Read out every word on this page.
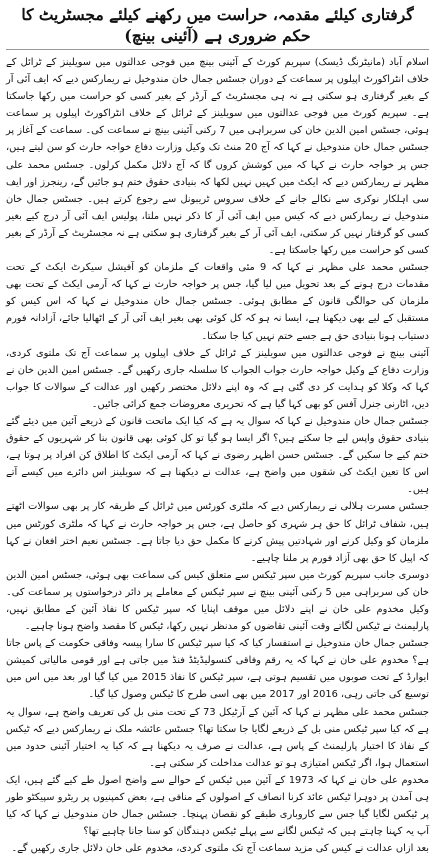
گرفتاری کیلئے مقدمہ، حراست میں رکھنے کیلئے مجسٹریٹ کا حکم ضروری ہے (آئینی بینچ)

اسلام آباد (مانیٹرنگ ڈیسک) سپریم کورٹ کے آئینی بینچ میں فوجی عدالتوں میں سویلینز کے ٹرائل کے خلاف انٹراکورٹ اپیلوں پر سماعت کے دوران جسٹس جمال خان مندوخیل نے ریمارکس دیے کہ ایف آئی آر کے بغیر گرفتاری ہو سکتی ہے نہ ہی مجسٹریٹ کے آرڈر کے بغیر کسی کو حراست میں رکھا جاسکتا ہے۔ سپریم کورٹ میں فوجی عدالتوں میں سویلینز کے ٹرائل کے خلاف انٹراکورٹ اپیلوں پر سماعت ہوئی، جسٹس امین الدین خان کی سربراہی میں 7 رکنی آئینی بینچ نے سماعت کی۔ سماعت کے آغاز پر جسٹس جمال خان مندوخیل نے کہا کہ آج 20 منٹ تک وکیل وزارت دفاع خواجہ حارث کو سن لیتے ہیں، جس پر خواجہ حارث نے کہا کہ میں کوشش کروں گا کہ آج دلائل مکمل کرلوں۔ جسٹس محمد علی مظہر نے ریمارکس دیے کہ ایکٹ میں کہیں نہیں لکھا کہ بنیادی حقوق ختم ہو جائیں گے، رینجرز اور ایف سی اہلکار نوکری سے نکالے جانے کے خلاف سروس ٹریبونل سے رجوع کرتے ہیں۔ جسٹس جمال خان مندوخیل نے ریمارکس دیے کہ کیس میں ایف آئی آر کا ذکر نہیں ملتا، پولیس ایف آئی آر درج کیے بغیر کسی کو گرفتار نہیں کر سکتی، ایف آئی آر کے بغیر گرفتاری ہو سکتی ہے نہ مجسٹریٹ کے آرڈر کے بغیر کسی کو حراست میں رکھا جاسکتا ہے۔

جسٹس محمد علی مظہر نے کہا کہ 9 مئی واقعات کے ملزمان کو آفیشل سیکرٹ ایکٹ کے تحت مقدمات درج ہونے کے بعد تحویل میں لیا گیا، جس پر خواجہ حارث نے کہا کہ آرمی ایکٹ کے تحت بھی ملزمان کی حوالگی قانون کے مطابق ہوئی۔ جسٹس جمال خان مندوخیل نے کہا کہ اس کیس کو مستقبل کے لیے بھی دیکھنا ہے، ایسا نہ ہو کہ کل کوئی بھی بغیر ایف آئی آر کے اٹھالیا جائے، آزادانہ فورم دستیاب ہونا بنیادی حق ہے جسے ختم نہیں کیا جا سکتا۔

آئینی بینچ نے فوجی عدالتوں میں سویلینز کے ٹرائل کے خلاف اپیلوں پر سماعت آج تک ملتوی کردی، وزارت دفاع کے وکیل خواجہ حارث جواب الجواب کا سلسلہ جاری رکھیں گے۔ جسٹس امین الدین خان نے کہا کہ وکلا کو ہدایت کر دی گئی ہے کہ وہ اپنے دلائل مختصر رکھیں اور عدالت کے سوالات کا جواب دیں، اٹارنی جنرل آفس کو بھی کہا گیا ہے کہ تحریری معروضات جمع کرائی جائیں۔

جسٹس جمال خان مندوخیل نے کہا کہ سوال یہ ہے کہ کیا ایک ماتحت قانون کے ذریعے آئین میں دیئے گئے بنیادی حقوق واپس لیے جا سکتے ہیں؟ اگر ایسا ہو گیا تو کل کوئی بھی قانون بنا کر شہریوں کے حقوق ختم کیے جا سکیں گے۔ جسٹس حسن اظہر رضوی نے کہا کہ آرمی ایکٹ کا اطلاق کن افراد پر ہوتا ہے، اس کا تعین ایکٹ کی شقوں میں واضح ہے، عدالت نے دیکھنا ہے کہ سویلینز اس دائرے میں کیسے آتے ہیں۔

جسٹس مسرت ہلالی نے ریمارکس دیے کہ ملٹری کورٹس میں ٹرائل کے طریقہ کار پر بھی سوالات اٹھتے ہیں، شفاف ٹرائل کا حق ہر شہری کو حاصل ہے، جس پر خواجہ حارث نے کہا کہ ملٹری کورٹس میں ملزمان کو وکیل کرنے اور شہادتیں پیش کرنے کا مکمل حق دیا جاتا ہے۔ جسٹس نعیم اختر افغان نے کہا کہ اپیل کا حق بھی آزاد فورم پر ملنا چاہیے۔

دوسری جانب سپریم کورٹ میں سپر ٹیکس سے متعلق کیس کی سماعت بھی ہوئی، جسٹس امین الدین خان کی سربراہی میں 5 رکنی آئینی بینچ نے سپر ٹیکس کے معاملے پر دائر درخواستوں پر سماعت کی۔ وکیل مخدوم علی خان نے اپنے دلائل میں موقف اپنایا کہ سپر ٹیکس کا نفاذ آئین کے مطابق نہیں، پارلیمنٹ نے ٹیکس لگاتے وقت آئینی تقاضوں کو مدنظر نہیں رکھا، ٹیکس کا مقصد واضح ہونا چاہیے۔

جسٹس جمال خان مندوخیل نے استفسار کیا کہ کیا سپر ٹیکس کا سارا پیسہ وفاقی حکومت کے پاس جاتا ہے؟ مخدوم علی خان نے کہا کہ یہ رقم وفاقی کنسولیڈیٹڈ فنڈ میں جاتی ہے اور قومی مالیاتی کمیشن ایوارڈ کے تحت صوبوں میں تقسیم ہوتی ہے، سپر ٹیکس کا نفاذ 2015 میں کیا گیا اور بعد میں اس میں توسیع کی جاتی رہی، 2016 اور 2017 میں بھی اسی طرح کا ٹیکس وصول کیا گیا۔

جسٹس محمد علی مظہر نے کہا کہ آئین کے آرٹیکل 73 کے تحت منی بل کی تعریف واضح ہے، سوال یہ ہے کہ کیا سپر ٹیکس منی بل کے ذریعے لگایا جا سکتا تھا؟ جسٹس عائشہ ملک نے ریمارکس دیے کہ ٹیکس کے نفاذ کا اختیار پارلیمنٹ کے پاس ہے، عدالت نے صرف یہ دیکھنا ہے کہ کیا یہ اختیار آئینی حدود میں استعمال ہوا، اگر ٹیکس امتیازی ہو تو عدالت مداخلت کر سکتی ہے۔

مخدوم علی خان نے کہا کہ 1973 کے آئین میں ٹیکس کے حوالے سے واضح اصول طے کیے گئے ہیں، ایک ہی آمدن پر دوہرا ٹیکس عائد کرنا انصاف کے اصولوں کے منافی ہے، بعض کمپنیوں پر ریٹرو سپیکٹو طور پر ٹیکس لگایا گیا جس سے کاروباری طبقے کو نقصان پہنچا۔ جسٹس جمال خان مندوخیل نے کہا کہ کیا آپ یہ کہنا چاہتے ہیں کہ ٹیکس لگانے سے پہلے ٹیکس دہندگان کو سنا جانا چاہیے تھا؟

بعد ازاں عدالت نے کیس کی مزید سماعت آج تک ملتوی کردی، مخدوم علی خان دلائل جاری رکھیں گے۔
